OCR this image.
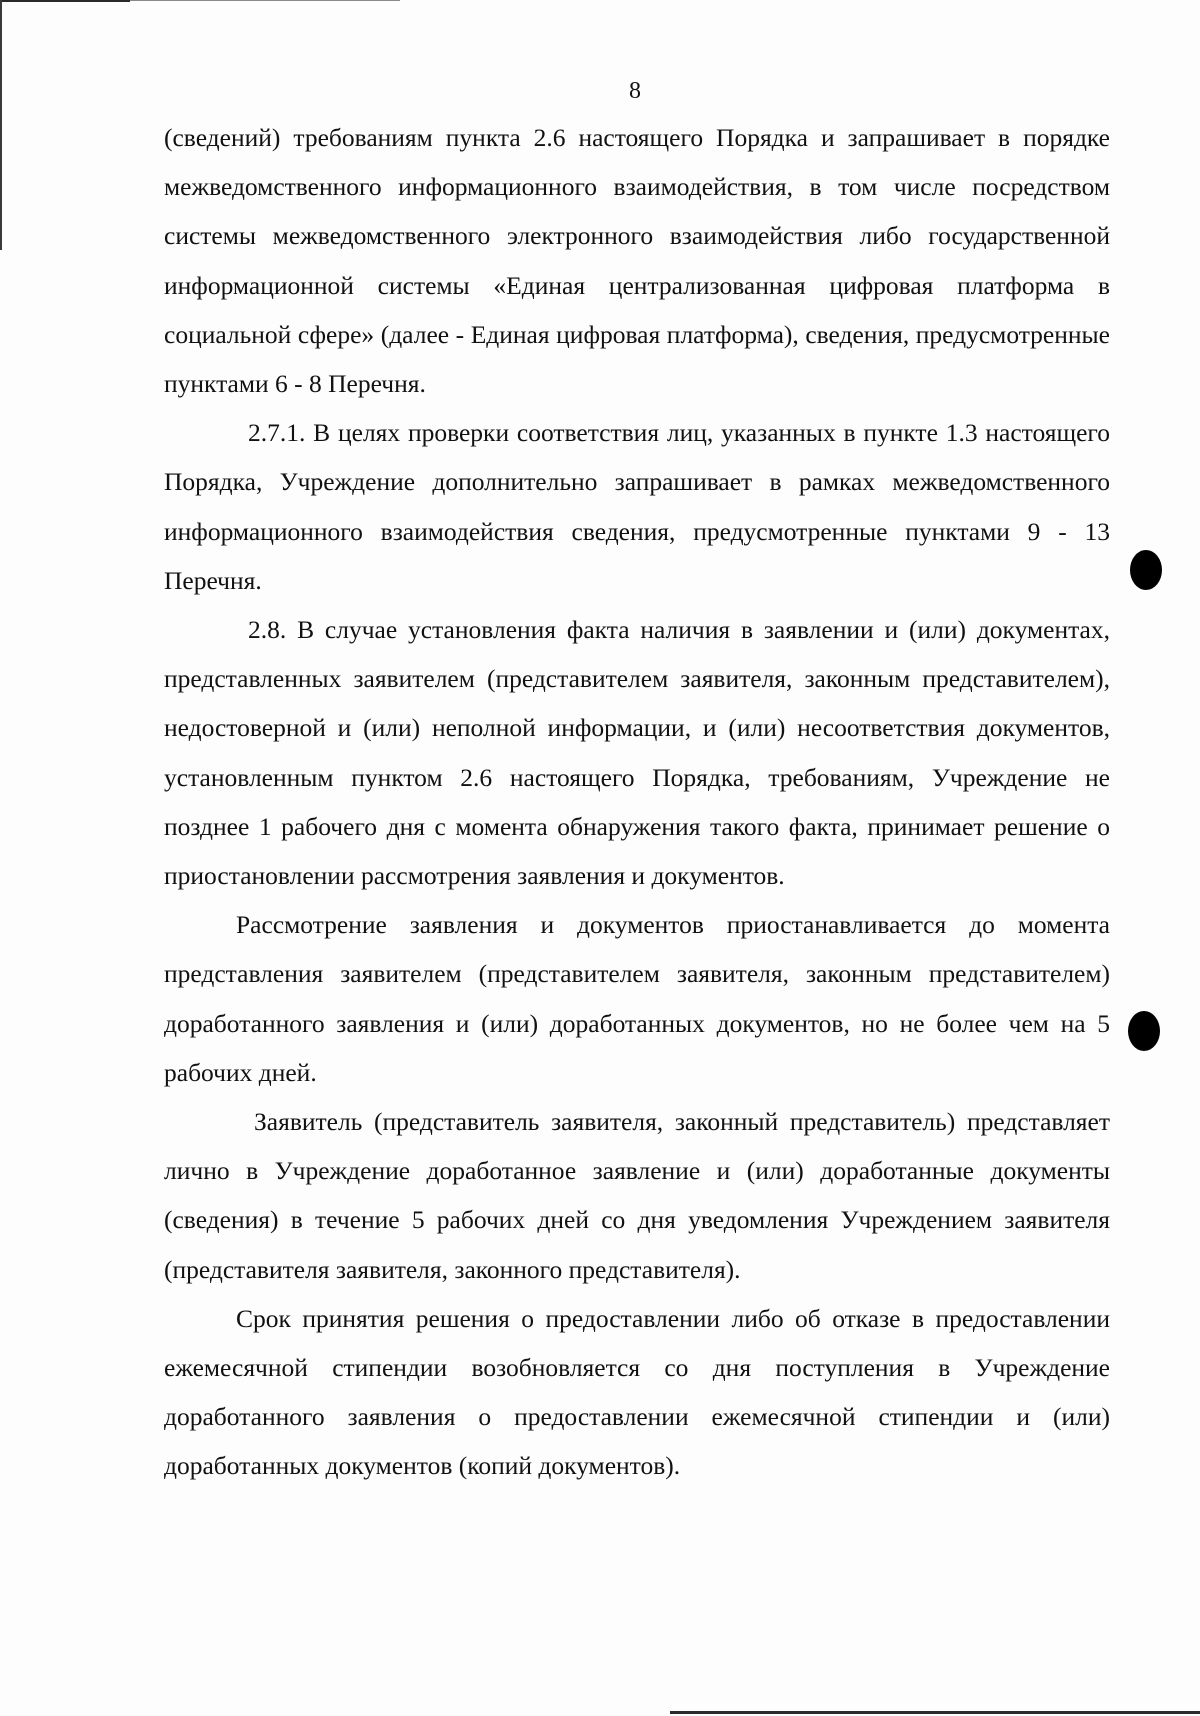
8

(сведений) требованиям пункта 2.6 настоящего Порядка и запрашивает в порядке межведомственного информационного взаимодействия, в том числе посредством системы межведомственного электронного взаимодействия либо государственной информационной системы «Единая централизованная цифровая платформа в социальной сфере» (далее - Единая цифровая платформа), сведения, предусмотренные пунктами 6 - 8 Перечня.

2.7.1. В целях проверки соответствия лиц, указанных в пункте 1.3 настоящего Порядка, Учреждение дополнительно запрашивает в рамках межведомственного информационного взаимодействия сведения, предусмотренные пунктами 9 - 13 Перечня.

2.8. В случае установления факта наличия в заявлении и (или) документах, представленных заявителем (представителем заявителя, законным представителем), недостоверной и (или) неполной информации, и (или) несоответствия документов, установленным пунктом 2.6 настоящего Порядка, требованиям, Учреждение не позднее 1 рабочего дня с момента обнаружения такого факта, принимает решение о приостановлении рассмотрения заявления и документов.

Рассмотрение заявления и документов приостанавливается до момента представления заявителем (представителем заявителя, законным представителем) доработанного заявления и (или) доработанных документов, но не более чем на 5 рабочих дней.

Заявитель (представитель заявителя, законный представитель) представляет лично в Учреждение доработанное заявление и (или) доработанные документы (сведения) в течение 5 рабочих дней со дня уведомления Учреждением заявителя (представителя заявителя, законного представителя).

Срок принятия решения о предоставлении либо об отказе в предоставлении ежемесячной стипендии возобновляется со дня поступления в Учреждение доработанного заявления о предоставлении ежемесячной стипендии и (или) доработанных документов (копий документов).
